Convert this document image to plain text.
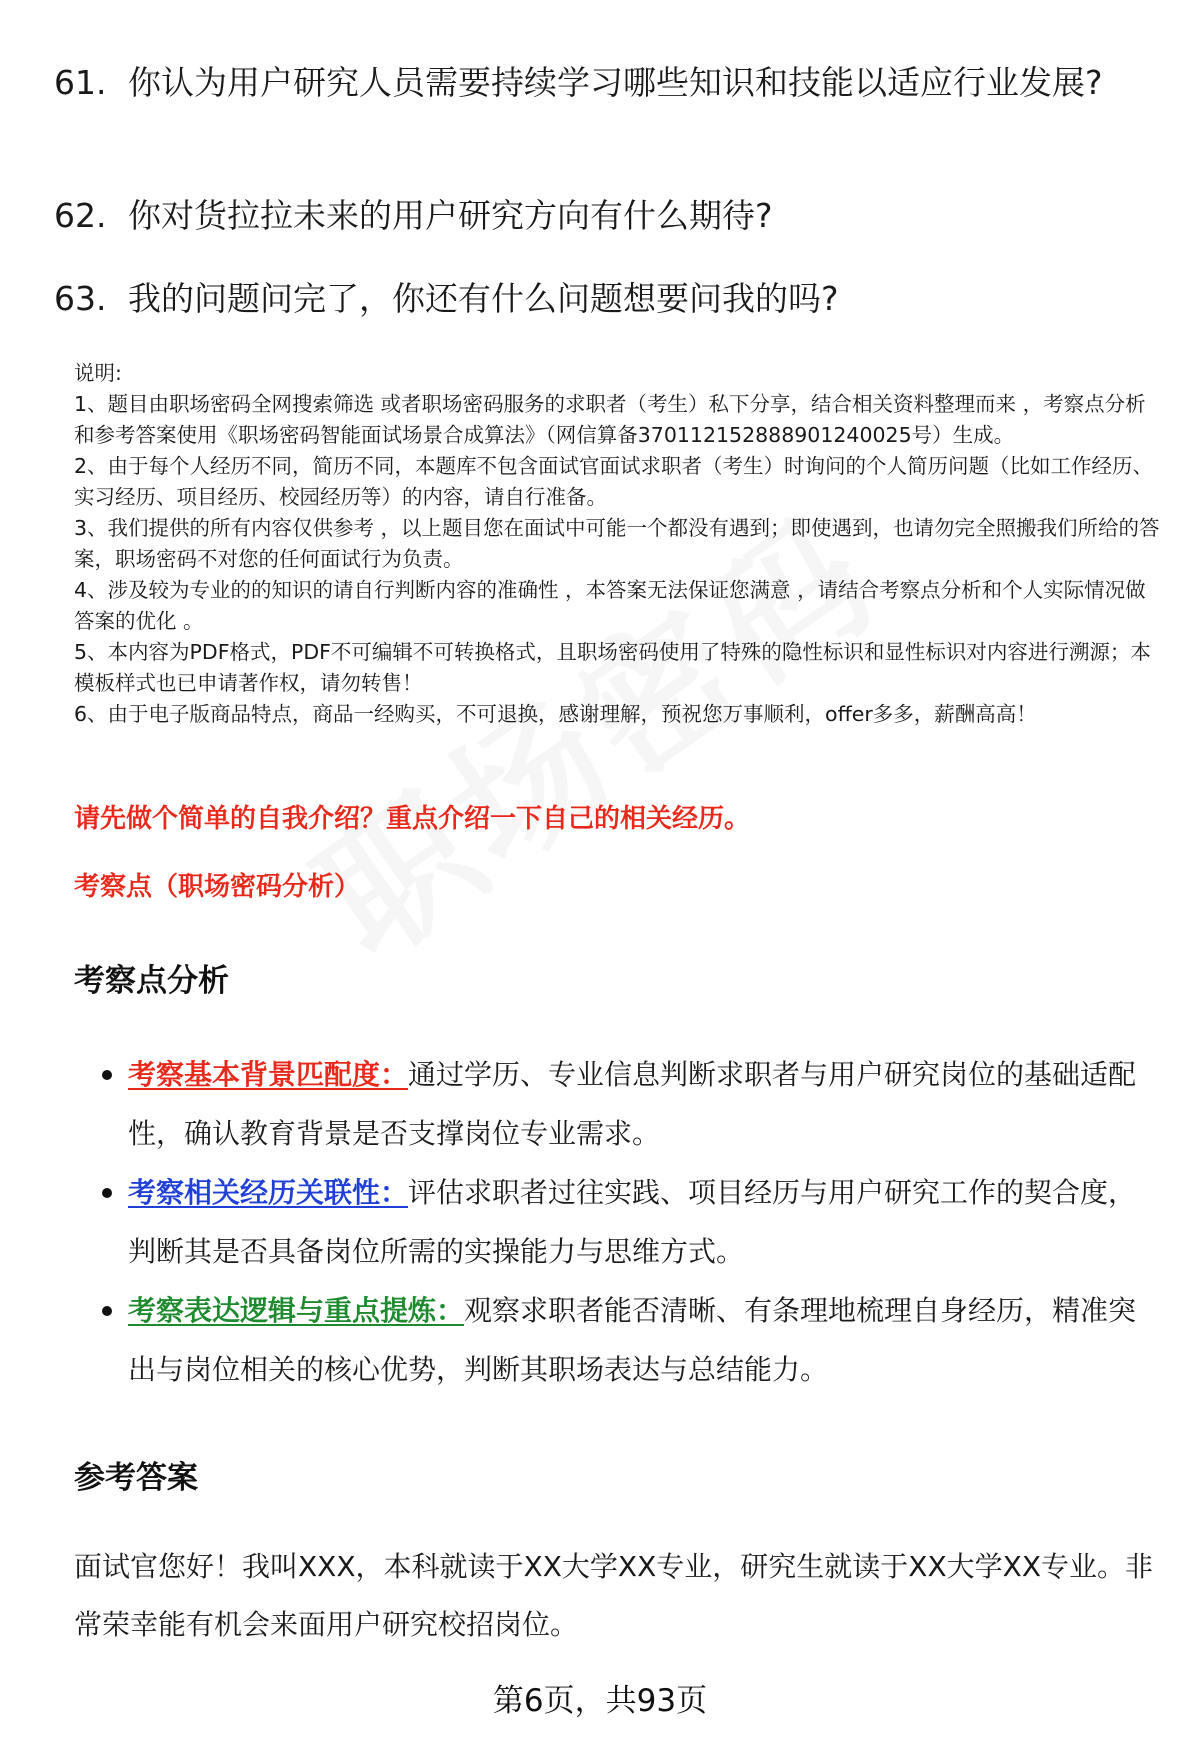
61. 你认为用户研究人员需要持续学习哪些知识和技能以适应行业发展?
62. 你对货拉拉未来的用户研究方向有什么期待?
63. 我的问题问完了，你还有什么问题想要问我的吗?
说明:
1、题目由职场密码全网搜索筛选 或者职场密码服务的求职者（考生）私下分享，结合相关资料整理而来 ，考察点分析和参考答案使用《职场密码智能面试场景合成算法》（网信算备370112152888901240025号）生成。
2、由于每个人经历不同，简历不同，本题库不包含面试官面试求职者（考生）时询问的个人简历问题（比如工作经历、实习经历、项目经历、校园经历等）的内容，请自行准备。
3、我们提供的所有内容仅供参考 ，以上题目您在面试中可能一个都没有遇到；即使遇到，也请勿完全照搬我们所给的答案，职场密码不对您的任何面试行为负责。
4、涉及较为专业的的知识的请自行判断内容的准确性 ，本答案无法保证您满意 ，请结合考察点分析和个人实际情况做答案的优化 。
5、本内容为PDF格式，PDF不可编辑不可转换格式，且职场密码使用了特殊的隐性标识和显性标识对内容进行溯源；本模板样式也已申请著作权，请勿转售！
6、由于电子版商品特点，商品一经购买，不可退换，感谢理解，预祝您万事顺利，offer多多，薪酬高高！
请先做个简单的自我介绍？重点介绍一下自己的相关经历。
考察点（职场密码分析）
考察点分析
考察基本背景匹配度：通过学历、专业信息判断求职者与用户研究岗位的基础适配性，确认教育背景是否支撑岗位专业需求。
考察相关经历关联性：评估求职者过往实践、项目经历与用户研究工作的契合度，判断其是否具备岗位所需的实操能力与思维方式。
考察表达逻辑与重点提炼：观察求职者能否清晰、有条理地梳理自身经历，精准突出与岗位相关的核心优势，判断其职场表达与总结能力。
参考答案
面试官您好！我叫XXX，本科就读于XX大学XX专业，研究生就读于XX大学XX专业。非常荣幸能有机会来面用户研究校招岗位。
第6页，共93页
